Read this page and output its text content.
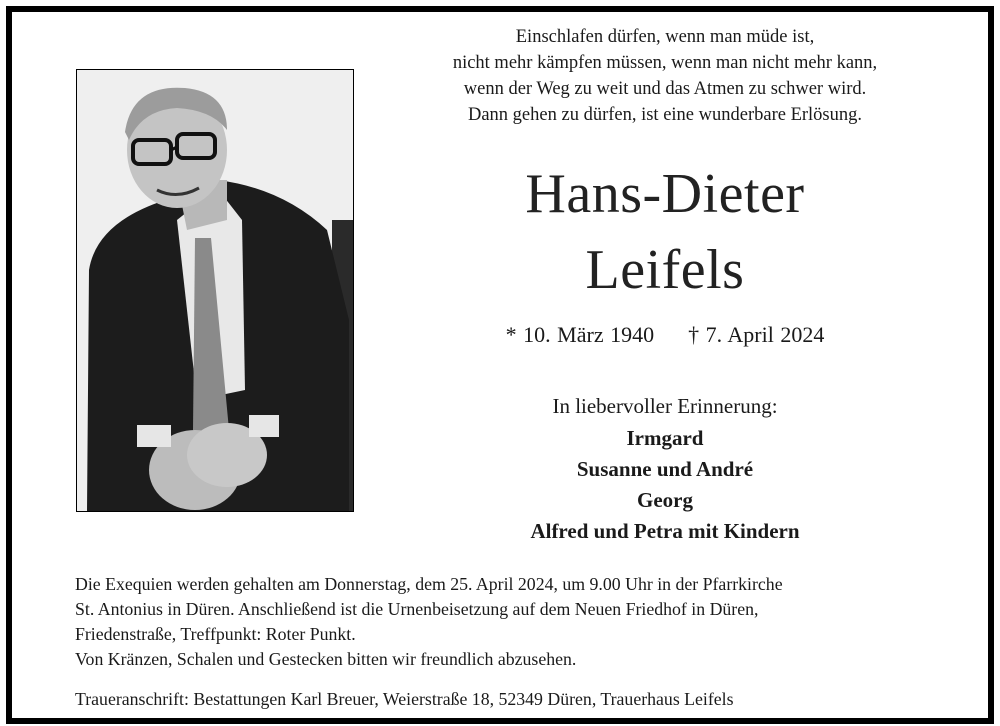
Einschlafen dürfen, wenn man müde ist,
nicht mehr kämpfen müssen, wenn man nicht mehr kann,
wenn der Weg zu weit und das Atmen zu schwer wird.
Dann gehen zu dürfen, ist eine wunderbare Erlösung.
Hans-Dieter
Leifels
* 10. März 1940 † 7. April 2024
In liebervoller Erinnerung:
Irmgard
Susanne und André
Georg
Alfred und Petra mit Kindern
Die Exequien werden gehalten am Donnerstag, dem 25. April 2024, um 9.00 Uhr in der Pfarrkirche
St. Antonius in Düren. Anschließend ist die Urnenbeisetzung auf dem Neuen Friedhof in Düren,
Friedenstraße, Treffpunkt: Roter Punkt.
Von Kränzen, Schalen und Gestecken bitten wir freundlich abzusehen.
Traueranschrift: Bestattungen Karl Breuer, Weierstraße 18, 52349 Düren, Trauerhaus Leifels
